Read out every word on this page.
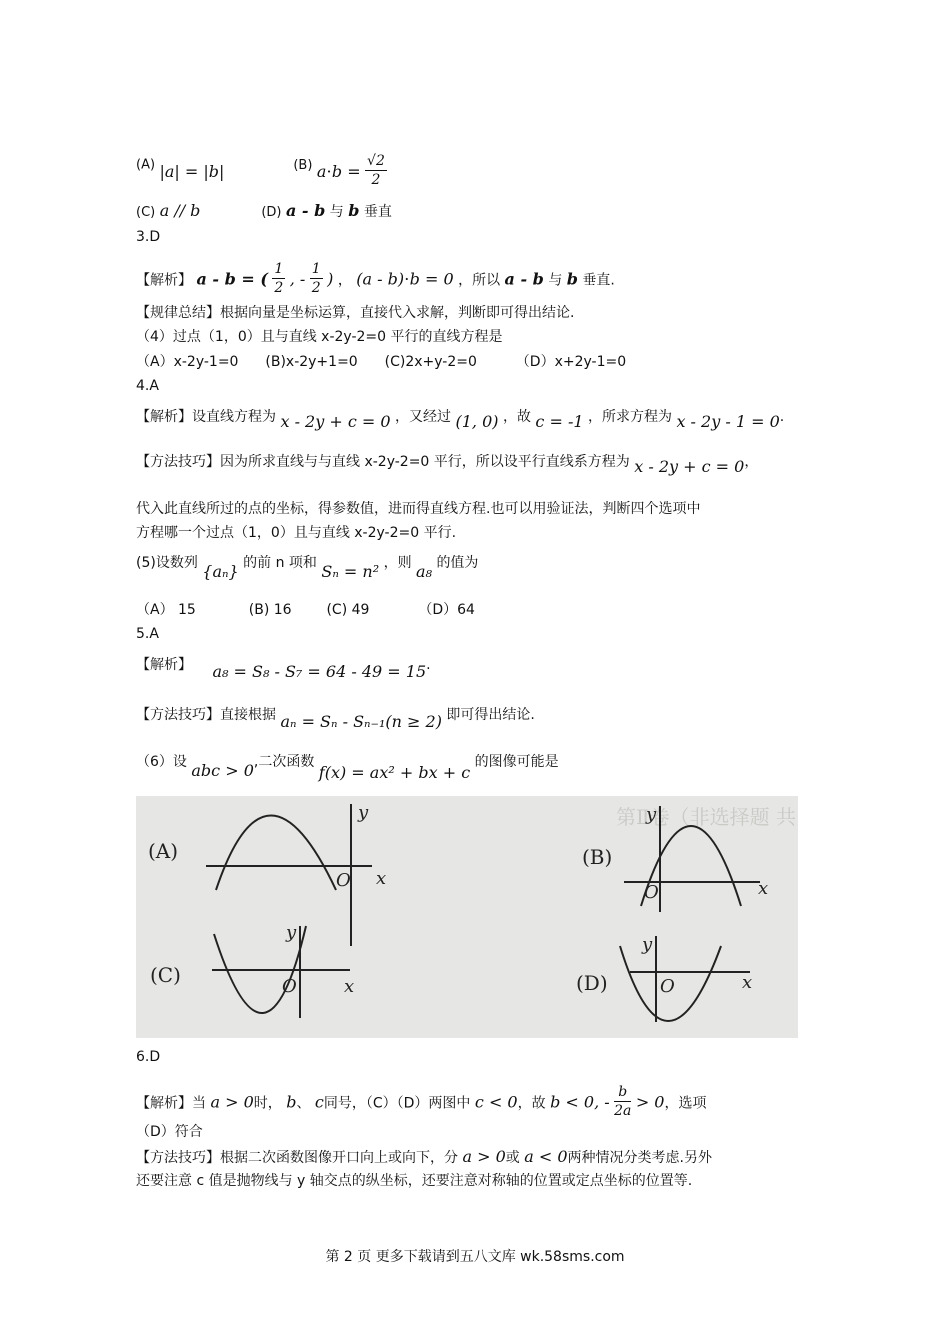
(A) |a| = |b|	(B) $a\cdot b = \frac{√2}{2}$
(C) a // b	(D) a - b 与 b 垂直
3.D
【解析】 a - b = ( $\frac{1}{2}$ , - $\frac{1}{2}$ ) ， (a - b)⋅b = 0 ，所以 a - b 与 b 垂直.
【规律总结】根据向量是坐标运算，直接代入求解，判断即可得出结论.
（4）过点（1，0）且与直线 x-2y-2=0 平行的直线方程是
（A）x-2y-1=0 (B)x-2y+1=0 (C)2x+y-2=0	（D）x+2y-1=0
4.A
【解析】设直线方程为 x - 2y + c = 0 ，又经过 (1, 0) ，故 c = -1 ，所求方程为 x - 2y - 1 = 0.
【方法技巧】因为所求直线与与直线 x-2y-2=0 平行，所以设平行直线系方程为 x - 2y + c = 0，
代入此直线所过的点的坐标，得参数值，进而得直线方程.也可以用验证法，判断四个选项中
方程哪一个过点（1，0）且与直线 x-2y-2=0 平行.
(5)设数列 {aₙ} 的前 n 项和 Sₙ = n² ，则 a₈ 的值为
（A） 15	(B) 16 (C) 49	（D）64
5.A
【解析】 a₈ = S₈ - S₇ = 64 - 49 = 15.
【方法技巧】直接根据 aₙ = Sₙ - Sₙ₋₁(n ≥ 2) 即可得出结论.
（6）设 abc > 0,二次函数 f(x) = ax² + bx + c 的图像可能是
第Ⅱ卷（非选择题 共
(A)
x
y
O
(B)
x
y
O
(C)	x
y
O	(D)	x
y
O
6.D
【解析】当 a > 0时， b、 c同号，（C）（D）两图中 c < 0，故 b < 0, - $\frac{b}{2a} > 0$，选项
（D）符合
【方法技巧】根据二次函数图像开口向上或向下，分 a > 0或 a < 0两种情况分类考虑.另外
还要注意 c 值是抛物线与 y 轴交点的纵坐标，还要注意对称轴的位置或定点坐标的位置等.
第 2 页 更多下载请到五八文库 wk.58sms.com
